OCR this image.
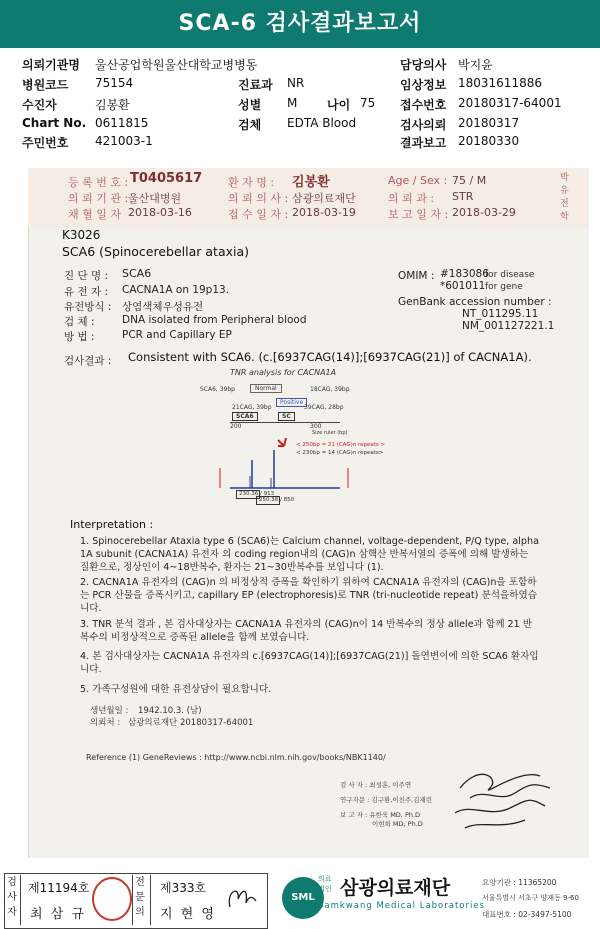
SCA-6 검사결과보고서
의뢰기관명 울산공업학원울산대학교병병동	담당의사 박지윤
병원코드 75154	진료과 NR	임상정보 18031611886
수진자	김봉환	성별 M 나이 75 접수번호 20180317-64001
Chart No. 0611815	검체 EDTA Blood	검사의뢰 20180317
주민번호 421003-1	결과보고 20180330
등 록 번 호 : T0405617 환 자 명 : 김봉환	Age / Sex : 75 / M	박유전학
의 뢰 기 관 : 울산대병원	의 뢰 의 사 : 삼광의료재단	의 뢰 과 : STR
채 혈 일 자 2018-03-16	접 수 일 자 : 2018-03-19	보 고 일 자 : 2018-03-29
K3026
SCA6 (Spinocerebellar ataxia)
진 단 명 : SCA6
유 전 자 : CACNA1A on 19p13.
유전방식 : 상염색체우성유전
검 체 :	DNA isolated from Peripheral blood
방 법 :	PCR and Capillary EP
OMIM : #183086
for disease
*601011 for gene
GenBank accession number :
NT_011295.11
NM_001127221.1
검사결과 : Consistent with SCA6. (c.[6937CAG(14)];[6937CAG(21)] of CACNA1A).
TNR analysis for CACNA1A
SCA6, 39bp	Normal	18CAG, 39bp
21CAG, 39bp
Positive
39CAG, 28bp
SCA6	SC
200	300
Size ruler (bp)
< 250bp = 21 (CAG)n repeats >
< 230bp = 14 (CAG)n repeats>
230.36 / 913
250.38 / 850
Interpretation :
1. Spinocerebellar Ataxia type 6 (SCA6)는 Calcium channel, voltage-dependent, P/Q type, alpha 1A subunit (CACNA1A) 유전자 의 coding region내의 (CAG)n 삼핵산 반복서열의 증폭에 의해 발생하는 질환으로, 정상인이 4~18반복수, 환자는 21~30반복수를 보입니다 (1).
2. CACNA1A 유전자의 (CAG)n 의 비정상적 증폭을 확인하기 위하여 CACNA1A 유전자의 (CAG)n을 포함하는 PCR 산물을 증폭시키고, capillary EP (electrophoresis)로 TNR (tri-nucleotide repeat) 분석을하였습니다.
3. TNR 분석 결과 , 본 검사대상자는 CACNA1A 유전자의 (CAG)n이 14 반복수의 정상 allele과 함께 21 반복수의 비정상적으로 증폭된 allele을 함께 보였습니다.
4. 본 검사대상자는 CACNA1A 유전자의 c.[6937CAG(14)];[6937CAG(21)] 돌연변이에 의한 SCA6 환자입니다.
5. 가족구성원에 대한 유전상담이 필요합니다.
생년월일 : 1942.10.3. (남)
의뢰처 : 삼광의료재단 20180317-64001
Reference (1) GeneReviews : http://www.ncbi.nlm.nih.gov/books/NBK1140/
검 사 자 : 최성훈, 이주연
연구자문 : 김구환,이친주,김재린
보 고 자 : 유한욱 MD, Ph.D
이현희 MD, Ph.D
검사자
제11194호
최 삼 규
전문의
제333호
지 현 영
SML
의료
법인 삼광의료재단
Samkwang Medical Laboratories
요양기관 : 11365200
서울특별시 서초구 양재동 9-60
대표번호 : 02-3497-5100
